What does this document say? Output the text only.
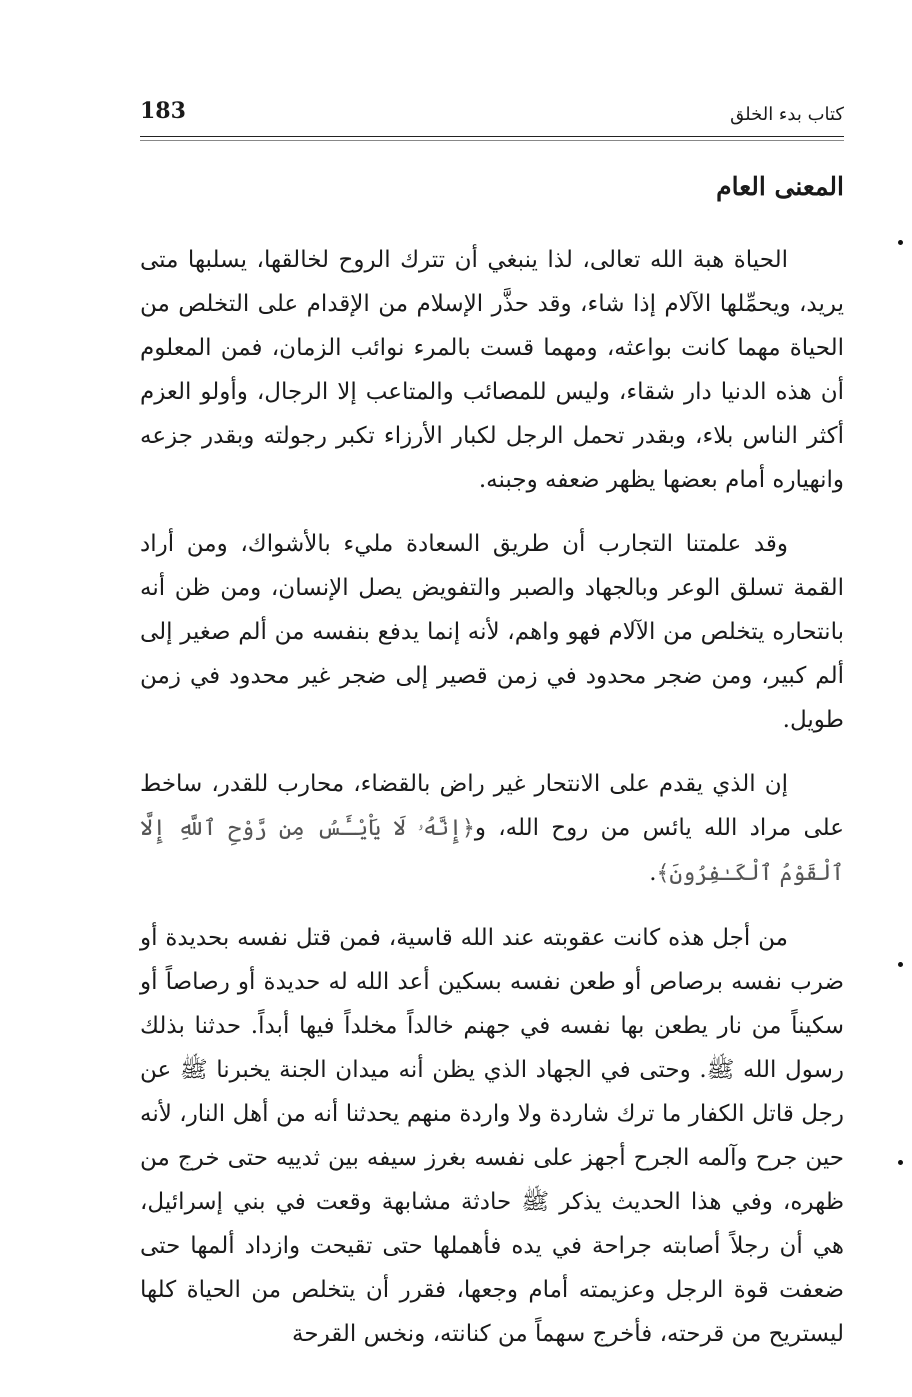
183	كتاب بدء الخلق
المعنى العام

الحياة هبة الله تعالى، لذا ينبغي أن تترك الروح لخالقها، يسلبها متى يريد، ويحمِّلها الآلام إذا شاء، وقد حذَّر الإسلام من الإقدام على التخلص من الحياة مهما كانت بواعثه، ومهما قست بالمرء نوائب الزمان، فمن المعلوم أن هذه الدنيا دار شقاء، وليس للمصائب والمتاعب إلا الرجال، وأولو العزم أكثر الناس بلاء، وبقدر تحمل الرجل لكبار الأرزاء تكبر رجولته وبقدر جزعه وانهياره أمام بعضها يظهر ضعفه وجبنه.

وقد علمتنا التجارب أن طريق السعادة مليء بالأشواك، ومن أراد القمة تسلق الوعر وبالجهاد والصبر والتفويض يصل الإنسان، ومن ظن أنه بانتحاره يتخلص من الآلام فهو واهم، لأنه إنما يدفع بنفسه من ألم صغير إلى ألم كبير، ومن ضجر محدود في زمن قصير إلى ضجر غير محدود في زمن طويل.

إن الذي يقدم على الانتحار غير راض بالقضاء، محارب للقدر، ساخط على مراد الله يائس من روح الله، و﴿إِنَّهُۥ لَا يَاْيْـَٔسُ مِن رَّوْحِ ٱللَّهِ إِلَّا ٱلْقَوْمُ ٱلْكَـٰفِرُونَ﴾.

من أجل هذه كانت عقوبته عند الله قاسية، فمن قتل نفسه بحديدة أو ضرب نفسه برصاص أو طعن نفسه بسكين أعد الله له حديدة أو رصاصاً أو سكيناً من نار يطعن بها نفسه في جهنم خالداً مخلداً فيها أبداً. حدثنا بذلك رسول الله ﷺ. وحتى في الجهاد الذي يظن أنه ميدان الجنة يخبرنا ﷺ عن رجل قاتل الكفار ما ترك شاردة ولا واردة منهم يحدثنا أنه من أهل النار، لأنه حين جرح وآلمه الجرح أجهز على نفسه بغرز سيفه بين ثدييه حتى خرج من ظهره، وفي هذا الحديث يذكر ﷺ حادثة مشابهة وقعت في بني إسرائيل، هي أن رجلاً أصابته جراحة في يده فأهملها حتى تقيحت وازداد ألمها حتى ضعفت قوة الرجل وعزيمته أمام وجعها، فقرر أن يتخلص من الحياة كلها ليستريح من قرحته، فأخرج سهماً من كنانته، ونخس القرحة
